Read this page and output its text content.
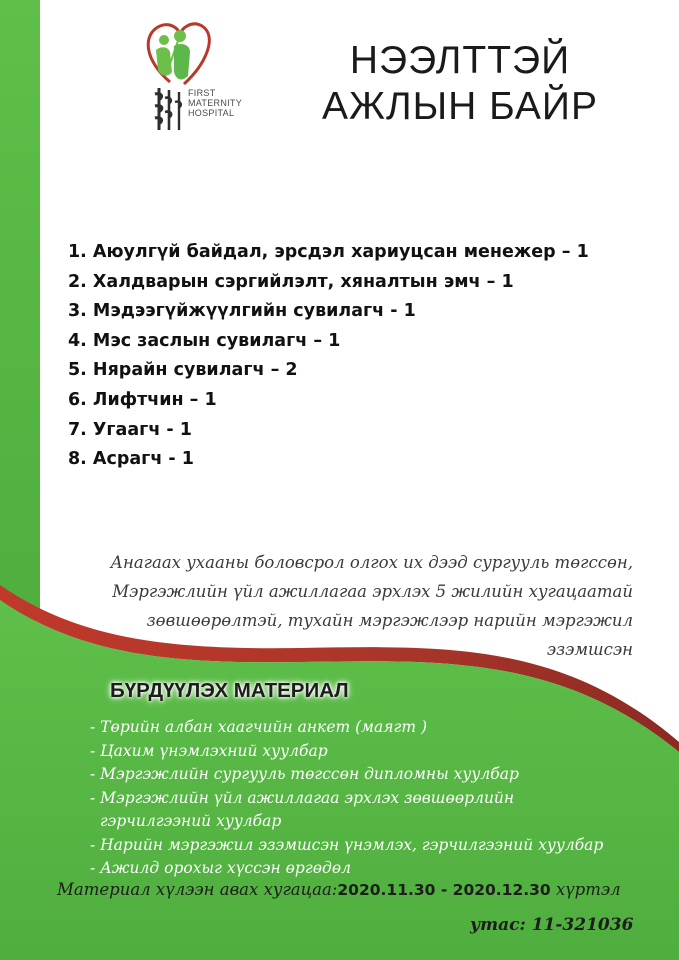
FIRST
MATERNITY
HOSPITAL
НЭЭЛТТЭЙ
АЖЛЫН БАЙР
1. Аюулгүй байдал, эрсдэл хариуцсан менежер – 1
2. Халдварын сэргийлэлт, хяналтын эмч – 1
3. Мэдээгүйжүүлгийн сувилагч - 1
4. Мэс заслын сувилагч – 1
5. Нярайн сувилагч – 2
6. Лифтчин – 1
7. Угаагч - 1
8. Асрагч - 1
Анагаах ухааны боловсрол олгох их дээд сургууль төгссөн,
Мэргэжлийн үйл ажиллагаа эрхлэх 5 жилийн хугацаатай
зөвшөөрөлтэй, тухайн мэргэжлээр нарийн мэргэжил
эзэмшсэн
БҮРДҮҮЛЭХ МАТЕРИАЛ
- Төрийн албан хаагчийн анкет (маягт )
- Цахим үнэмлэхний хуулбар
- Мэргэжлийн сургууль төгссөн дипломны хуулбар
- Мэргэжлийн үйл ажиллагаа эрхлэх зөвшөөрлийн
гэрчилгээний хуулбар
- Нарийн мэргэжил эзэмшсэн үнэмлэх, гэрчилгээний хуулбар
- Ажилд орохыг хүссэн өргөдөл
Материал хүлээн авах хугацаа:2020.11.30 - 2020.12.30 хүртэл
утас: 11-321036
